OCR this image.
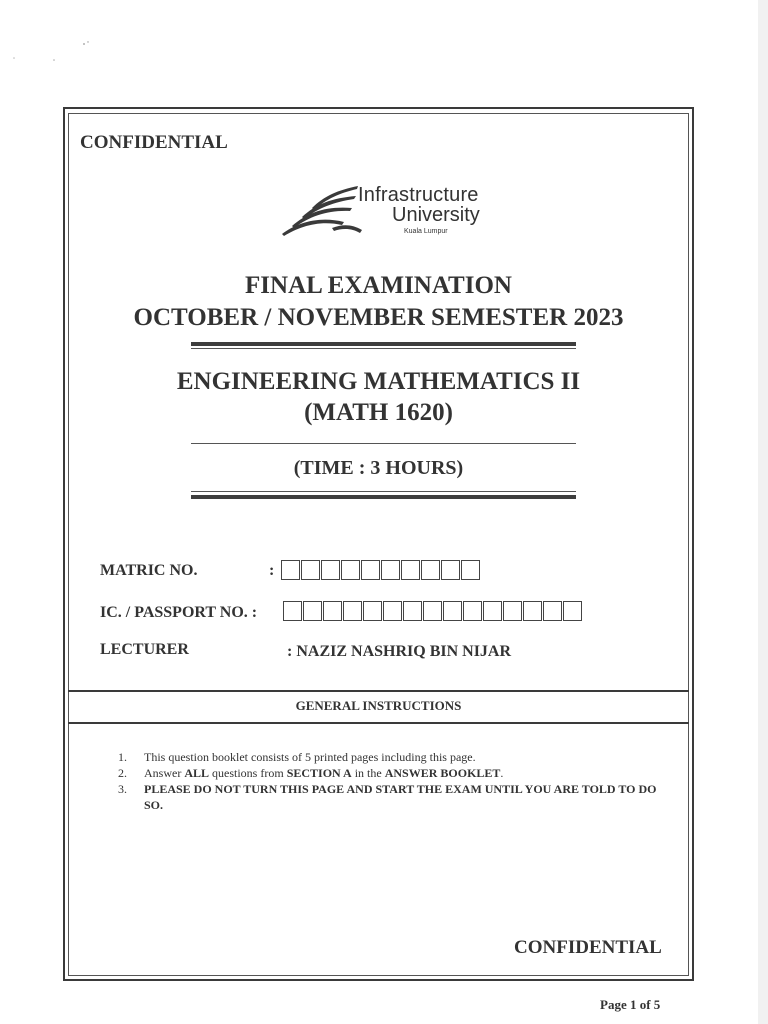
CONFIDENTIAL
Infrastructure
University
Kuala Lumpur
FINAL EXAMINATION
OCTOBER / NOVEMBER SEMESTER 2023
ENGINEERING MATHEMATICS II
(MATH 1620)
(TIME : 3 HOURS)
MATRIC NO.	:
IC. / PASSPORT NO. :
LECTURER	: NAZIZ NASHRIQ BIN NIJAR
GENERAL INSTRUCTIONS
1.	This question booklet consists of 5 printed pages including this page.
2.	Answer ALL questions from SECTION A in the ANSWER BOOKLET.
3.	PLEASE DO NOT TURN THIS PAGE AND START THE EXAM UNTIL YOU ARE TOLD TO DO SO.
CONFIDENTIAL
Page 1 of 5
